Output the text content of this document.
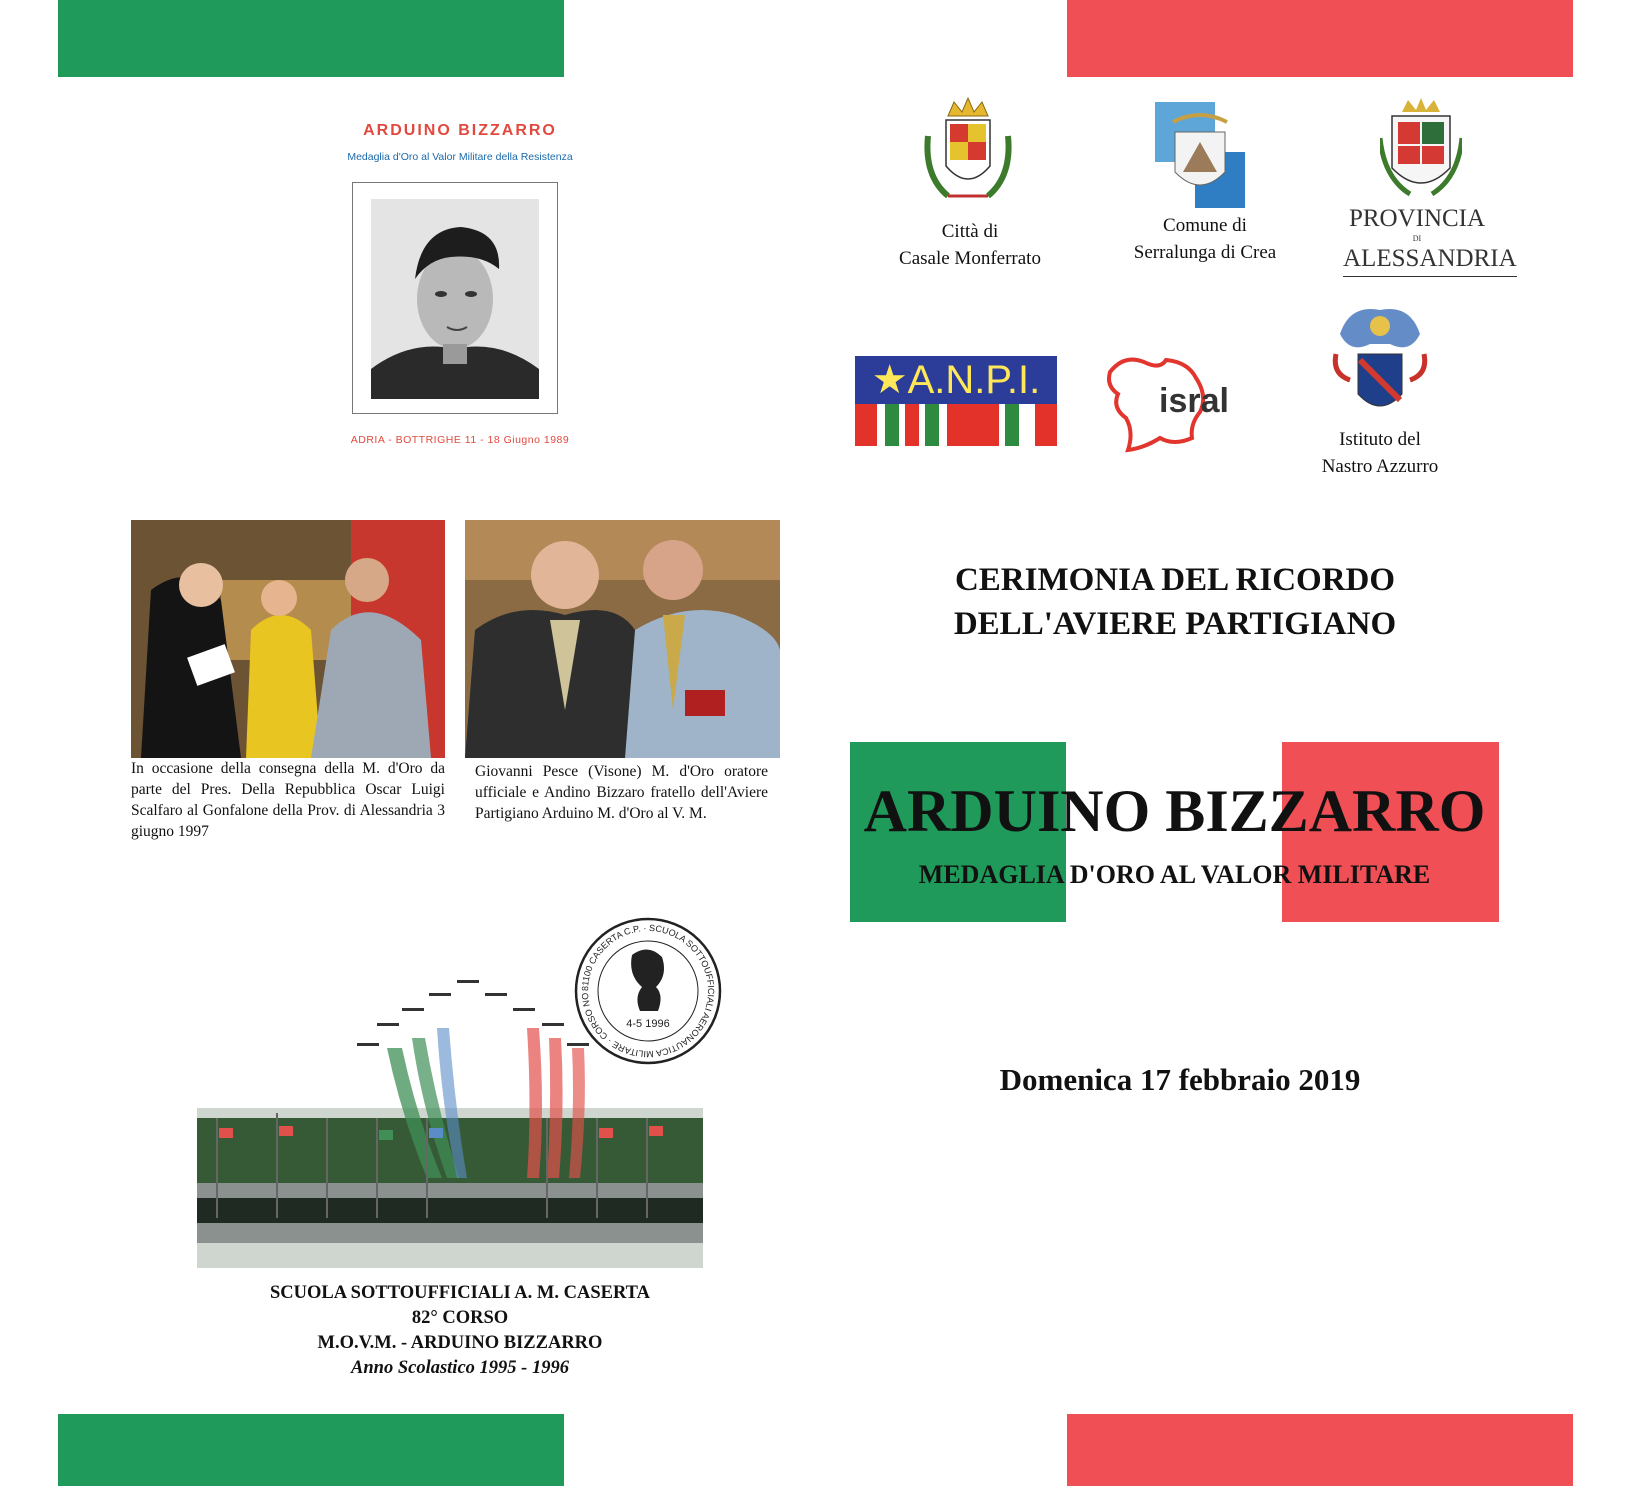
ARDUINO BIZZARRO
Medaglia d'Oro al Valor Militare della Resistenza
ADRIA - BOTTRIGHE 11 - 18 Giugno 1989
In occasione della consegna della M. d'Oro da parte del Pres. Della Repubblica Oscar Luigi Scalfaro al Gonfalone della Prov. di Alessandria 3 giugno 1997
Giovanni Pesce (Visone) M. d'Oro oratore ufficiale e Andino Bizzaro fratello dell'Aviere Partigiano Arduino M. d'Oro al V. M.
81100 CASERTA C.P. · SCUOLA SOTTOUFFICIALI AERONAUTICA MILITARE · CORSO NO
4-5 1996
SCUOLA SOTTOUFFICIALI A. M. CASERTA
82° CORSO
M.O.V.M. - ARDUINO BIZZARRO
Anno Scolastico 1995 - 1996
Città di
Casale Monferrato
Comune di
Serralunga di Crea
PROVINCIA
DI
ALESSANDRIA
★A.N.P.I.	isral
Istituto del
Nastro Azzurro
CERIMONIA DEL RICORDO
DELL'AVIERE PARTIGIANO
ARDUINO BIZZARRO
MEDAGLIA D'ORO AL VALOR MILITARE
Domenica 17 febbraio 2019
